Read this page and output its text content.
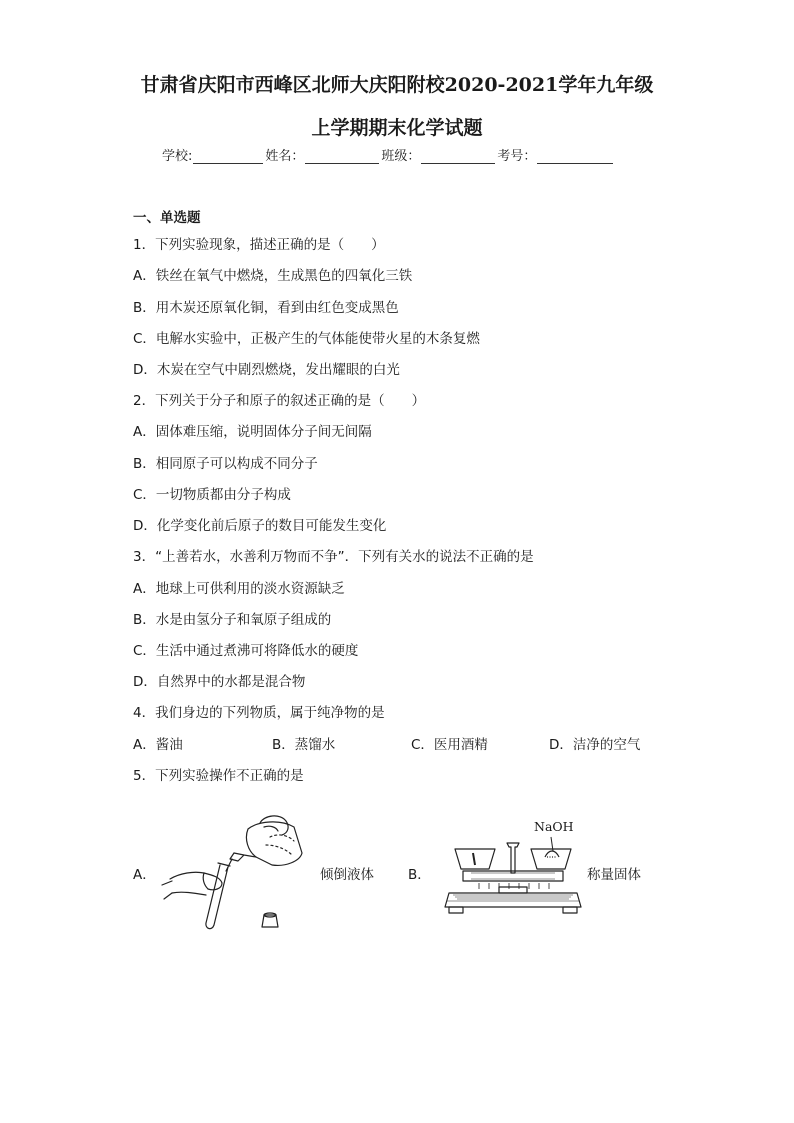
甘肃省庆阳市西峰区北师大庆阳附校2020-2021学年九年级
上学期期末化学试题
学校:	姓名：	班级：	考号：
一、单选题
1．下列实验现象，描述正确的是（　　）
A．铁丝在氧气中燃烧，生成黑色的四氧化三铁
B．用木炭还原氧化铜，看到由红色变成黑色
C．电解水实验中，正极产生的气体能使带火星的木条复燃
D．木炭在空气中剧烈燃烧，发出耀眼的白光
2．下列关于分子和原子的叙述正确的是（　　）
A．固体难压缩，说明固体分子间无间隔
B．相同原子可以构成不同分子
C．一切物质都由分子构成
D．化学变化前后原子的数目可能发生变化
3．“上善若水，水善利万物而不争”．下列有关水的说法不正确的是
A．地球上可供利用的淡水资源缺乏
B．水是由氢分子和氧原子组成的
C．生活中通过煮沸可将降低水的硬度
D．自然界中的水都是混合物
4．我们身边的下列物质，属于纯净物的是
A．酱油	B．蒸馏水	C．医用酒精	D．洁净的空气
5．下列实验操作不正确的是
A．	倾倒液体	B．
NaOH
称量固体
